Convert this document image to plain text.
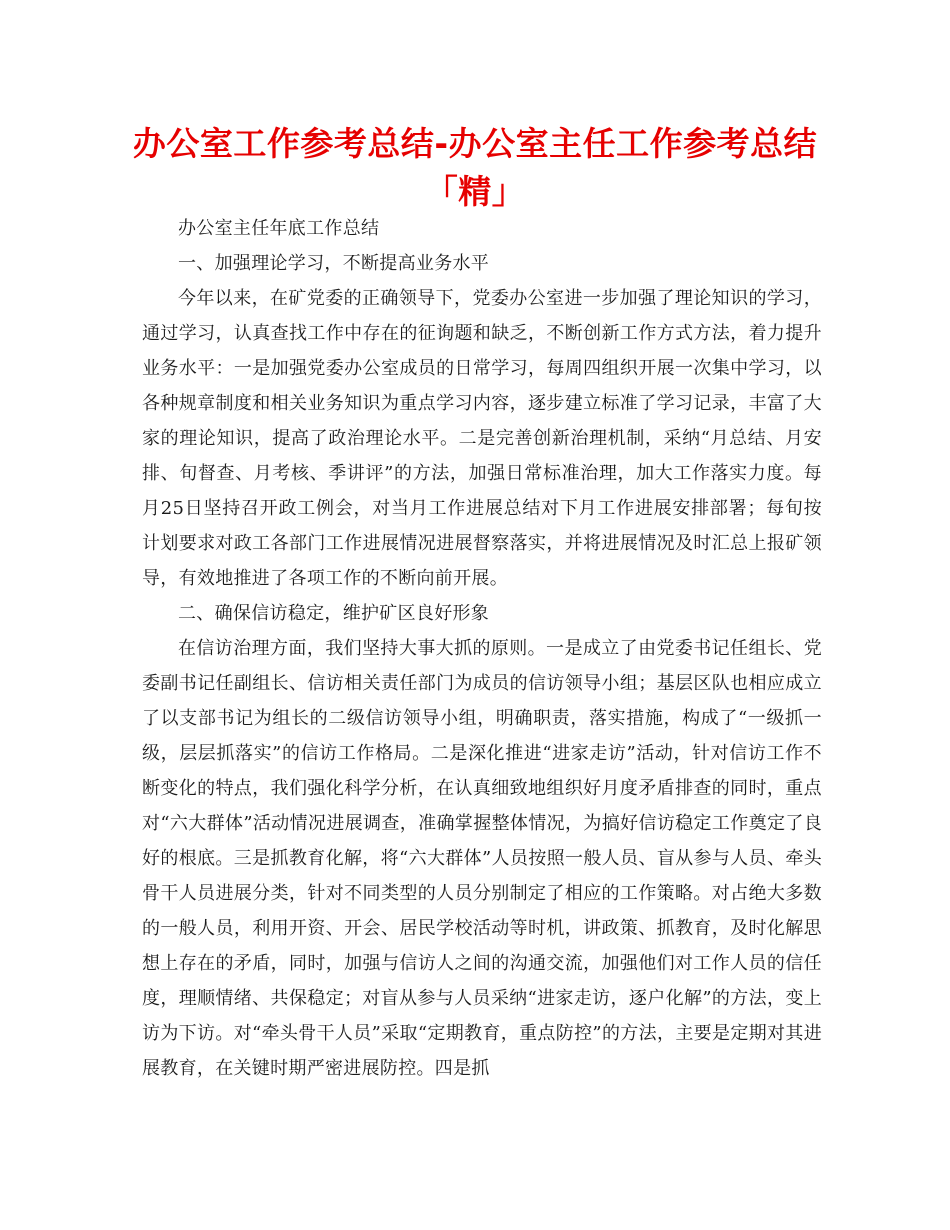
办公室工作参考总结-办公室主任工作参考总结「精」

办公室主任年底工作总结

一、加强理论学习，不断提高业务水平

今年以来，在矿党委的正确领导下，党委办公室进一步加强了理论知识的学习，通过学习，认真查找工作中存在的征询题和缺乏，不断创新工作方式方法，着力提升业务水平：一是加强党委办公室成员的日常学习，每周四组织开展一次集中学习，以各种规章制度和相关业务知识为重点学习内容，逐步建立标准了学习记录，丰富了大家的理论知识，提高了政治理论水平。二是完善创新治理机制，采纳“月总结、月安排、旬督查、月考核、季讲评”的方法，加强日常标准治理，加大工作落实力度。每月25日坚持召开政工例会，对当月工作进展总结对下月工作进展安排部署；每旬按计划要求对政工各部门工作进展情况进展督察落实，并将进展情况及时汇总上报矿领导，有效地推进了各项工作的不断向前开展。

二、确保信访稳定，维护矿区良好形象

在信访治理方面，我们坚持大事大抓的原则。一是成立了由党委书记任组长、党委副书记任副组长、信访相关责任部门为成员的信访领导小组；基层区队也相应成立了以支部书记为组长的二级信访领导小组，明确职责，落实措施，构成了“一级抓一级，层层抓落实”的信访工作格局。二是深化推进“进家走访”活动，针对信访工作不断变化的特点，我们强化科学分析，在认真细致地组织好月度矛盾排查的同时，重点对“六大群体”活动情况进展调查，准确掌握整体情况，为搞好信访稳定工作奠定了良好的根底。三是抓教育化解，将“六大群体”人员按照一般人员、盲从参与人员、牵头骨干人员进展分类，针对不同类型的人员分别制定了相应的工作策略。对占绝大多数的一般人员，利用开资、开会、居民学校活动等时机，讲政策、抓教育，及时化解思想上存在的矛盾，同时，加强与信访人之间的沟通交流，加强他们对工作人员的信任度，理顺情绪、共保稳定；对盲从参与人员采纳“进家走访，逐户化解”的方法，变上访为下访。对“牵头骨干人员”采取“定期教育，重点防控”的方法，主要是定期对其进展教育，在关键时期严密进展防控。四是抓
